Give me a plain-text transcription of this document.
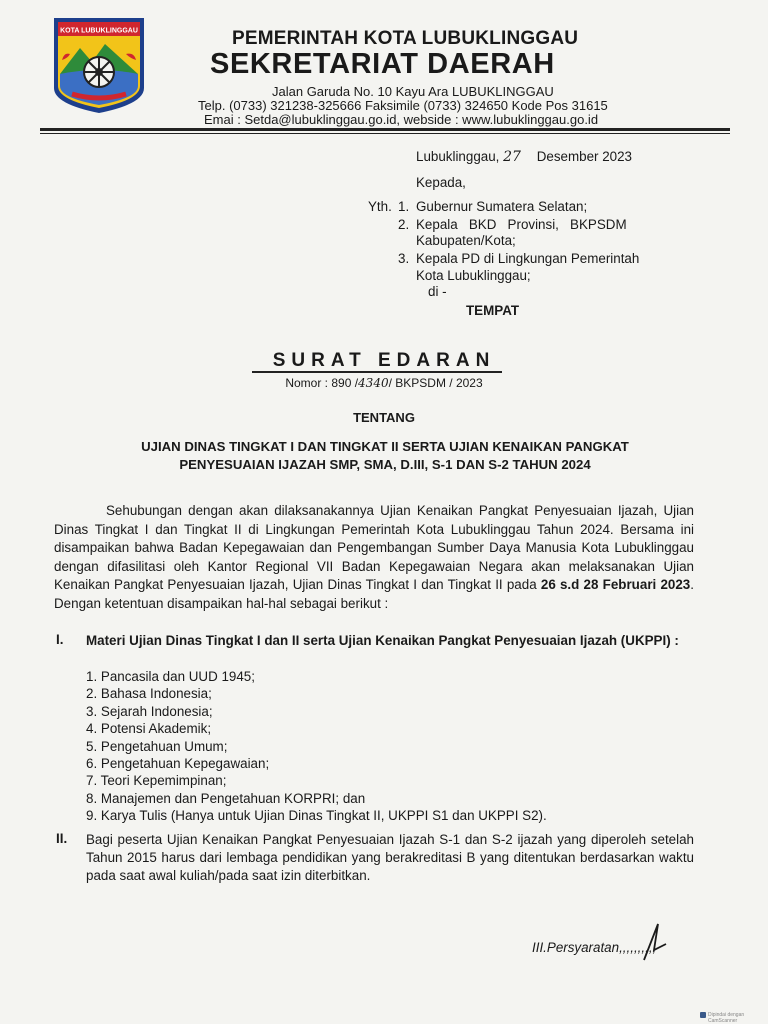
KOTA LUBUKLINGGAU	PEMERINTAH KOTA LUBUKLINGGAU
SEKRETARIAT DAERAH
Jalan Garuda No. 10 Kayu Ara LUBUKLINGGAU
Telp. (0733) 321238-325666 Faksimile (0733) 324650 Kode Pos 31615
Emai : Setda@lubuklinggau.go.id, webside : www.lubuklinggau.go.id
Lubuklinggau, 27 Desember 2023
Kepada,
Yth. 1. Gubernur Sumatera Selatan;
2. Kepala   BKD   Provinsi,   BKPSDM
Kabupaten/Kota;
3. Kepala PD di Lingkungan Pemerintah
Kota Lubuklinggau;
di -
TEMPAT
SURAT EDARAN
Nomor : 890 /4340/ BKPSDM / 2023
TENTANG
UJIAN DINAS TINGKAT I DAN TINGKAT II SERTA UJIAN KENAIKAN PANGKAT
PENYESUAIAN IJAZAH SMP, SMA, D.III, S-1 DAN S-2 TAHUN 2024
Sehubungan dengan akan dilaksanakannya Ujian Kenaikan Pangkat Penyesuaian Ijazah, Ujian Dinas Tingkat I dan Tingkat II di Lingkungan Pemerintah Kota Lubuklinggau Tahun 2024. Bersama ini disampaikan bahwa Badan Kepegawaian dan Pengembangan Sumber Daya Manusia Kota Lubuklinggau dengan difasilitasi oleh Kantor Regional VII Badan Kepegawaian Negara akan melaksanakan Ujian Kenaikan Pangkat Penyesuaian Ijazah, Ujian Dinas Tingkat I dan Tingkat II pada 26 s.d 28 Februari 2023. Dengan ketentuan disampaikan hal-hal sebagai berikut :
I. Materi Ujian Dinas Tingkat I dan II serta Ujian Kenaikan Pangkat Penyesuaian Ijazah (UKPPI) :
1. Pancasila dan UUD 1945;
2. Bahasa Indonesia;
3. Sejarah Indonesia;
4. Potensi Akademik;
5. Pengetahuan Umum;
6. Pengetahuan Kepegawaian;
7. Teori Kepemimpinan;
8. Manajemen dan Pengetahuan KORPRI; dan
9. Karya Tulis (Hanya untuk Ujian Dinas Tingkat II, UKPPI S1 dan UKPPI S2).
II. Bagi peserta Ujian Kenaikan Pangkat Penyesuaian Ijazah S-1 dan S-2 ijazah yang diperoleh setelah Tahun 2015 harus dari lembaga pendidikan yang berakreditasi B yang ditentukan berdasarkan waktu pada saat awal kuliah/pada saat izin diterbitkan.
III.Persyaratan,,,,,,,,,,
Dipindai dengan CamScanner
